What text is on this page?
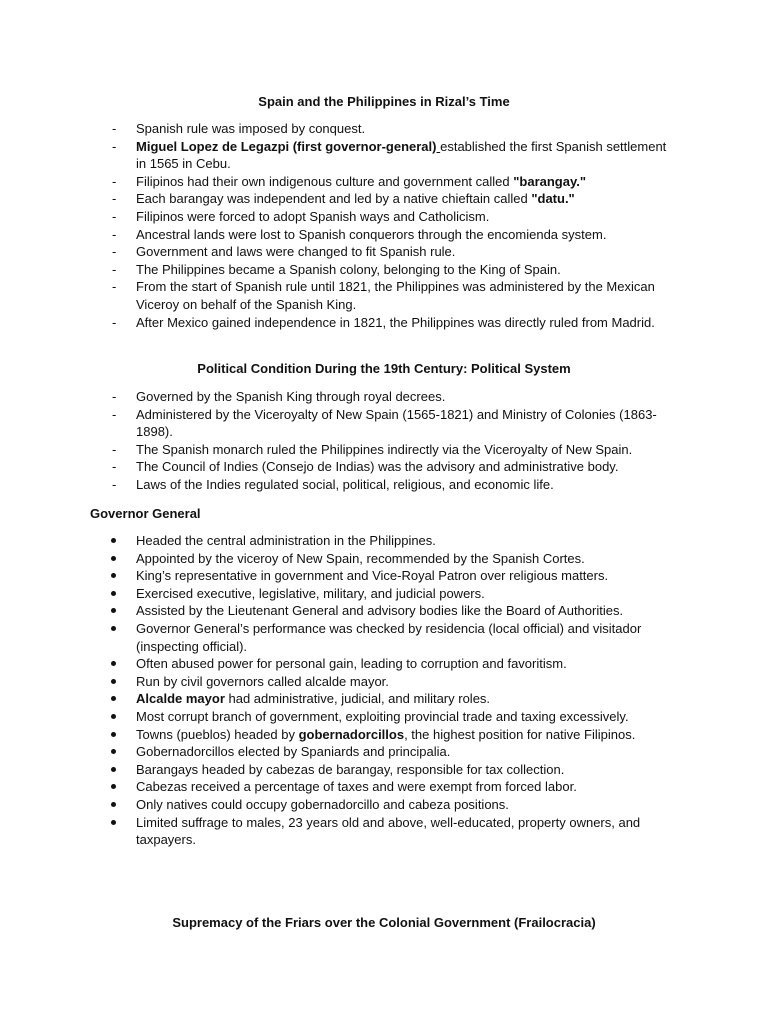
Spain and the Philippines in Rizal’s Time
- Spanish rule was imposed by conquest.
- Miguel Lopez de Legazpi (first governor-general) established the first Spanish settlement in 1565 in Cebu.
- Filipinos had their own indigenous culture and government called "barangay."
- Each barangay was independent and led by a native chieftain called "datu."
- Filipinos were forced to adopt Spanish ways and Catholicism.
- Ancestral lands were lost to Spanish conquerors through the encomienda system.
- Government and laws were changed to fit Spanish rule.
- The Philippines became a Spanish colony, belonging to the King of Spain.
- From the start of Spanish rule until 1821, the Philippines was administered by the Mexican Viceroy on behalf of the Spanish King.
- After Mexico gained independence in 1821, the Philippines was directly ruled from Madrid.
Political Condition During the 19th Century: Political System
- Governed by the Spanish King through royal decrees.
- Administered by the Viceroyalty of New Spain (1565-1821) and Ministry of Colonies (1863-1898).
- The Spanish monarch ruled the Philippines indirectly via the Viceroyalty of New Spain.
- The Council of Indies (Consejo de Indias) was the advisory and administrative body.
- Laws of the Indies regulated social, political, religious, and economic life.
Governor General
Headed the central administration in the Philippines.
Appointed by the viceroy of New Spain, recommended by the Spanish Cortes.
King’s representative in government and Vice-Royal Patron over religious matters.
Exercised executive, legislative, military, and judicial powers.
Assisted by the Lieutenant General and advisory bodies like the Board of Authorities.
Governor General’s performance was checked by residencia (local official) and visitador (inspecting official).
Often abused power for personal gain, leading to corruption and favoritism.
Run by civil governors called alcalde mayor.
Alcalde mayor had administrative, judicial, and military roles.
Most corrupt branch of government, exploiting provincial trade and taxing excessively.
Towns (pueblos) headed by gobernadorcillos, the highest position for native Filipinos.
Gobernadorcillos elected by Spaniards and principalia.
Barangays headed by cabezas de barangay, responsible for tax collection.
Cabezas received a percentage of taxes and were exempt from forced labor.
Only natives could occupy gobernadorcillo and cabeza positions.
Limited suffrage to males, 23 years old and above, well-educated, property owners, and taxpayers.
Supremacy of the Friars over the Colonial Government (Frailocracia)
